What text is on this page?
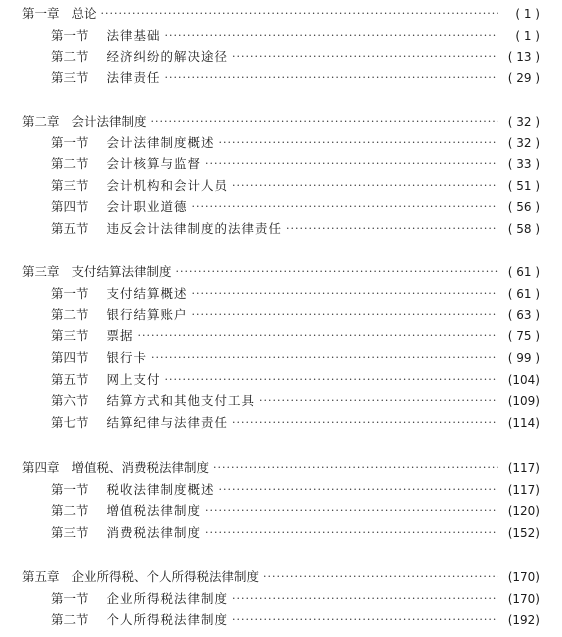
第一章 总论 ·····	( 1 )
第一节 法律基础 ·····	( 1 )
第二节 经济纠纷的解决途径 ·····	( 13 )
第三节 法律责任 ·····	( 29 )
第二章 会计法律制度 ·····	( 32 )
第一节 会计法律制度概述 ·····	( 32 )
第二节 会计核算与监督 ·····	( 33 )
第三节 会计机构和会计人员 ·····	( 51 )
第四节 会计职业道德 ·····	( 56 )
第五节 违反会计法律制度的法律责任 ·····	( 58 )
第三章 支付结算法律制度 ·····	( 61 )
第一节 支付结算概述 ·····	( 61 )
第二节 银行结算账户 ·····	( 63 )
第三节 票据 ·····	( 75 )
第四节 银行卡 ·····	( 99 )
第五节 网上支付 ·····	(104)
第六节 结算方式和其他支付工具 ·····	(109)
第七节 结算纪律与法律责任 ·····	(114)
第四章 增值税、消费税法律制度 ·····	(117)
第一节 税收法律制度概述 ·····	(117)
第二节 增值税法律制度 ·····	(120)
第三节 消费税法律制度 ·····	(152)
第五章 企业所得税、个人所得税法律制度 ·····	(170)
第一节 企业所得税法律制度 ·····	(170)
第二节 个人所得税法律制度 ·····	(192)
